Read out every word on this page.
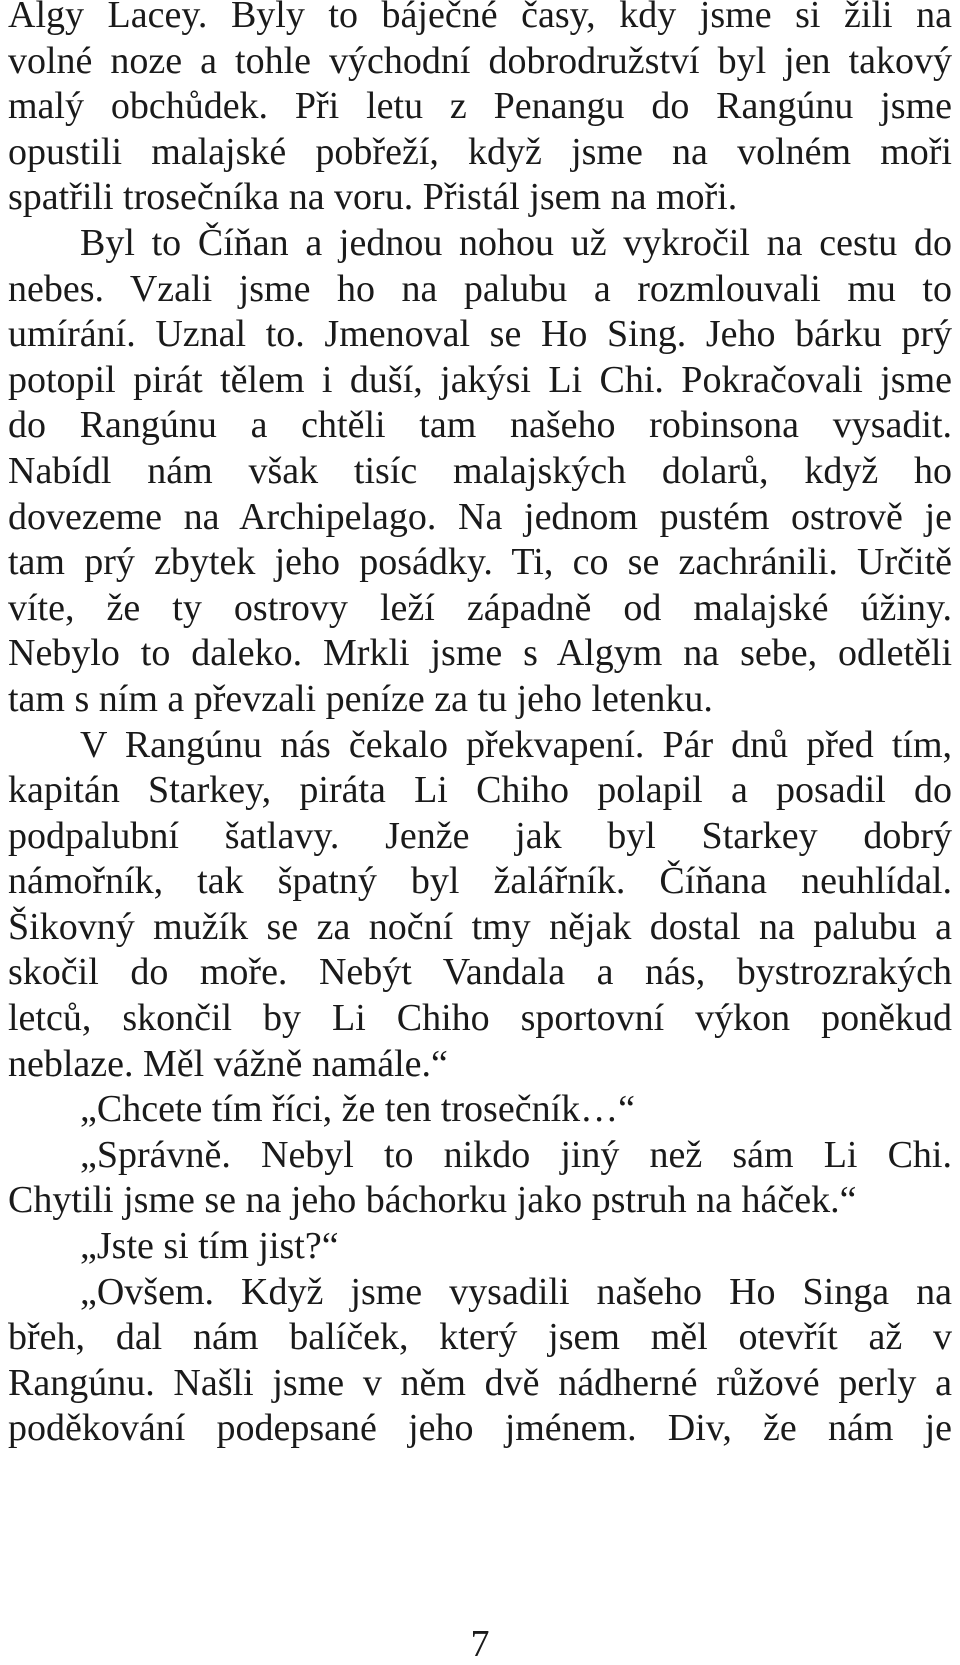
Algy Lacey. Byly to báječné časy, kdy jsme si žili na
volné noze a tohle východní dobrodružství byl jen takový
malý obchůdek. Při letu z Penangu do Rangúnu jsme
opustili malajské pobřeží, když jsme na volném moři
spatřili trosečníka na voru. Přistál jsem na moři.
Byl to Číňan a jednou nohou už vykročil na cestu do
nebes. Vzali jsme ho na palubu a rozmlouvali mu to
umírání. Uznal to. Jmenoval se Ho Sing. Jeho bárku prý
potopil pirát tělem i duší, jakýsi Li Chi. Pokračovali jsme
do Rangúnu a chtěli tam našeho robinsona vysadit.
Nabídl nám však tisíc malajských dolarů, když ho
dovezeme na Archipelago. Na jednom pustém ostrově je
tam prý zbytek jeho posádky. Ti, co se zachránili. Určitě
víte, že ty ostrovy leží západně od malajské úžiny.
Nebylo to daleko. Mrkli jsme s Algym na sebe, odletěli
tam s ním a převzali peníze za tu jeho letenku.
V Rangúnu nás čekalo překvapení. Pár dnů před tím,
kapitán Starkey, piráta Li Chiho polapil a posadil do
podpalubní šatlavy. Jenže jak byl Starkey dobrý
námořník, tak špatný byl žalářník. Číňana neuhlídal.
Šikovný mužík se za noční tmy nějak dostal na palubu a
skočil do moře. Nebýt Vandala a nás, bystrozrakých
letců, skončil by Li Chiho sportovní výkon poněkud
neblaze. Měl vážně namále.“
„Chcete tím říci, že ten trosečník…“
„Správně. Nebyl to nikdo jiný než sám Li Chi.
Chytili jsme se na jeho báchorku jako pstruh na háček.“
„Jste si tím jist?“
„Ovšem. Když jsme vysadili našeho Ho Singa na
břeh, dal nám balíček, který jsem měl otevřít až v
Rangúnu. Našli jsme v něm dvě nádherné růžové perly a
poděkování podepsané jeho jménem. Div, že nám je
7
